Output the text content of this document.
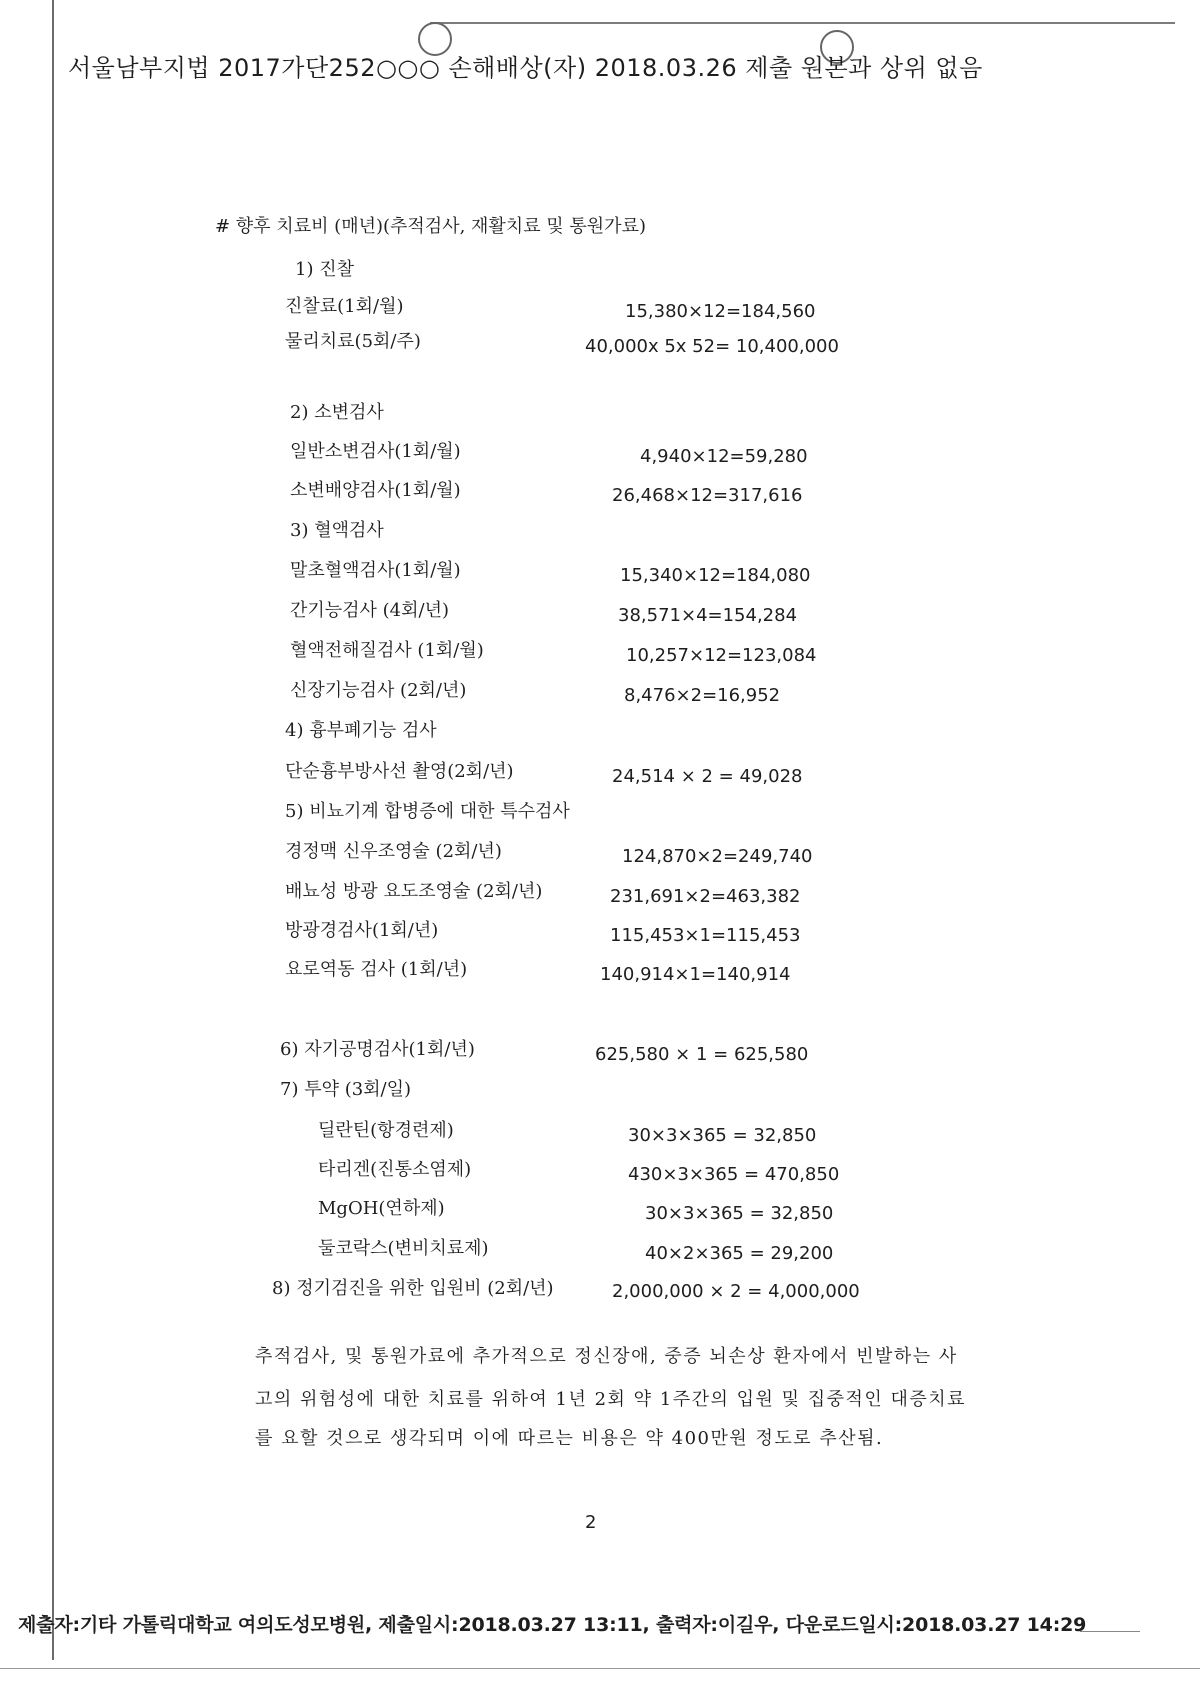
서울남부지법 2017가단252○○○ 손해배상(자) 2018.03.26 제출 원본과 상위 없음
# 향후 치료비 (매년)(추적검사, 재활치료 및 통원가료)
1) 진찰
진찰료(1회/월)	15,380×12=184,560
물리치료(5회/주)	40,000x 5x 52= 10,400,000
2) 소변검사
일반소변검사(1회/월)	4,940×12=59,280
소변배양검사(1회/월)	26,468×12=317,616
3) 혈액검사
말초혈액검사(1회/월)	15,340×12=184,080
간기능검사 (4회/년)	38,571×4=154,284
혈액전해질검사 (1회/월)	10,257×12=123,084
신장기능검사 (2회/년)	8,476×2=16,952
4) 흉부폐기능 검사
단순흉부방사선 촬영(2회/년)	24,514 × 2 = 49,028
5) 비뇨기계 합병증에 대한 특수검사
경정맥 신우조영술 (2회/년)	124,870×2=249,740
배뇨성 방광 요도조영술 (2회/년)	231,691×2=463,382
방광경검사(1회/년)	115,453×1=115,453
요로역동 검사 (1회/년)	140,914×1=140,914
6) 자기공명검사(1회/년)	625,580 × 1 = 625,580
7) 투약 (3회/일)
딜란틴(항경련제)	30×3×365 = 32,850
타리겐(진통소염제)	430×3×365 = 470,850
MgOH(연하제)	30×3×365 = 32,850
둘코락스(변비치료제)	40×2×365 = 29,200
8) 정기검진을 위한 입원비 (2회/년)	2,000,000 × 2 = 4,000,000
추적검사, 및 통원가료에 추가적으로 정신장애, 중증 뇌손상 환자에서 빈발하는 사
고의 위험성에 대한 치료를 위하여 1년 2회 약 1주간의 입원 및 집중적인 대증치료
를 요할 것으로 생각되며 이에 따르는 비용은 약 400만원 정도로 추산됨.
2
제출자:기타 가톨릭대학교 여의도성모병원, 제출일시:2018.03.27 13:11, 출력자:이길우, 다운로드일시:2018.03.27 14:29
